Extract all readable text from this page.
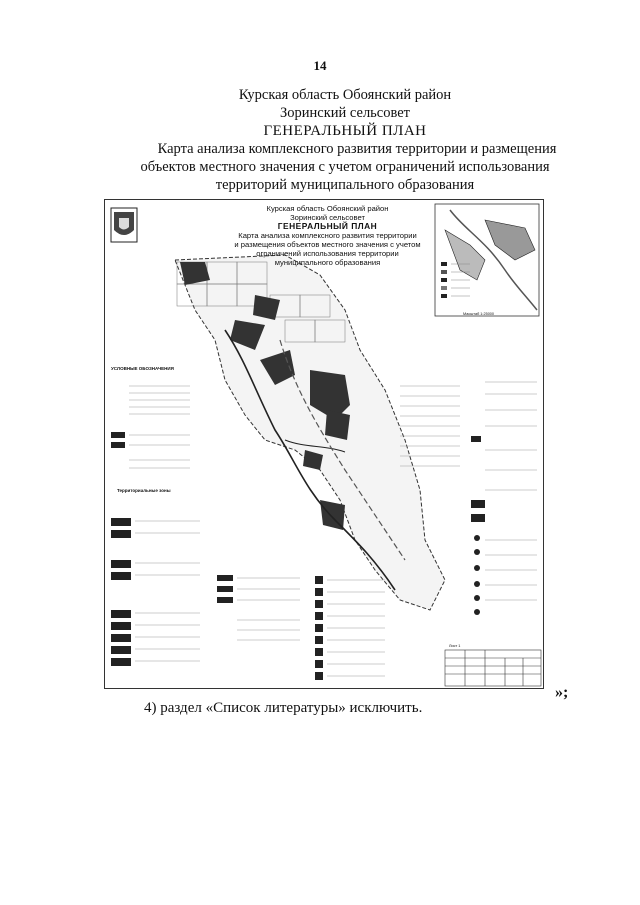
14
Курская область Обоянский район
Зоринский сельсовет
ГЕНЕРАЛЬНЫЙ ПЛАН
Карта анализа комплексного развития территории и размещения объектов местного значения с учетом ограничений использования территорий муниципального образования
Курская область Обоянский район
Зоринский сельсовет
ГЕНЕРАЛЬНЫЙ ПЛАН
Карта анализа комплексного развития территории
и размещения объектов местного значения с учетом
ограничений использования территории
муниципального образования
УСЛОВНЫЕ ОБОЗНАЧЕНИЯ
Территориальные зоны
Масштаб 1:25000
Лист 1
»;
4) раздел «Список литературы» исключить.
